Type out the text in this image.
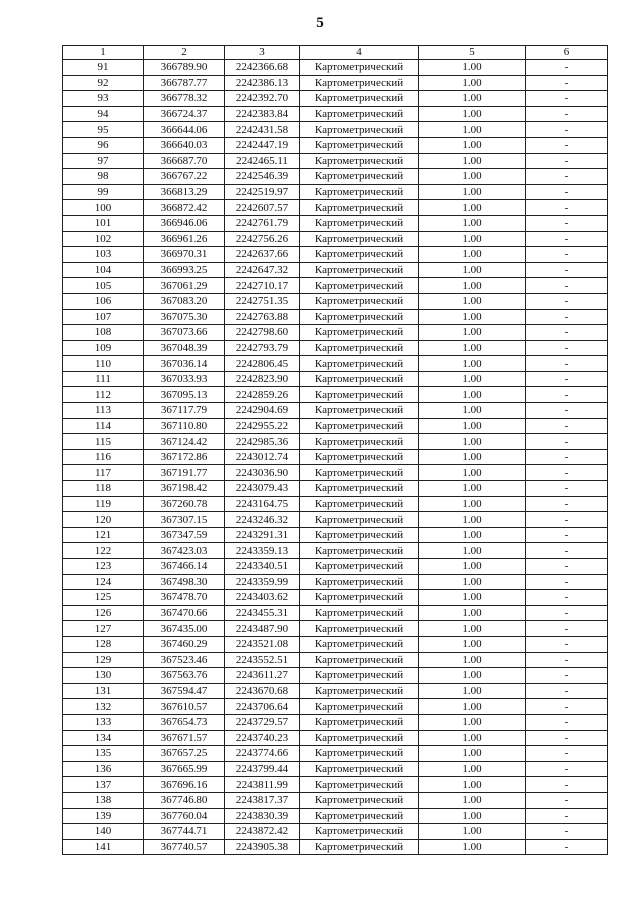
5
1	2	3	4	5	6
91	366789.90	2242366.68	Картометрический	1.00	-
92	366787.77	2242386.13	Картометрический	1.00	-
93	366778.32	2242392.70	Картометрический	1.00	-
94	366724.37	2242383.84	Картометрический	1.00	-
95	366644.06	2242431.58	Картометрический	1.00	-
96	366640.03	2242447.19	Картометрический	1.00	-
97	366687.70	2242465.11	Картометрический	1.00	-
98	366767.22	2242546.39	Картометрический	1.00	-
99	366813.29	2242519.97	Картометрический	1.00	-
100	366872.42	2242607.57	Картометрический	1.00	-
101	366946.06	2242761.79	Картометрический	1.00	-
102	366961.26	2242756.26	Картометрический	1.00	-
103	366970.31	2242637.66	Картометрический	1.00	-
104	366993.25	2242647.32	Картометрический	1.00	-
105	367061.29	2242710.17	Картометрический	1.00	-
106	367083.20	2242751.35	Картометрический	1.00	-
107	367075.30	2242763.88	Картометрический	1.00	-
108	367073.66	2242798.60	Картометрический	1.00	-
109	367048.39	2242793.79	Картометрический	1.00	-
110	367036.14	2242806.45	Картометрический	1.00	-
111	367033.93	2242823.90	Картометрический	1.00	-
112	367095.13	2242859.26	Картометрический	1.00	-
113	367117.79	2242904.69	Картометрический	1.00	-
114	367110.80	2242955.22	Картометрический	1.00	-
115	367124.42	2242985.36	Картометрический	1.00	-
116	367172.86	2243012.74	Картометрический	1.00	-
117	367191.77	2243036.90	Картометрический	1.00	-
118	367198.42	2243079.43	Картометрический	1.00	-
119	367260.78	2243164.75	Картометрический	1.00	-
120	367307.15	2243246.32	Картометрический	1.00	-
121	367347.59	2243291.31	Картометрический	1.00	-
122	367423.03	2243359.13	Картометрический	1.00	-
123	367466.14	2243340.51	Картометрический	1.00	-
124	367498.30	2243359.99	Картометрический	1.00	-
125	367478.70	2243403.62	Картометрический	1.00	-
126	367470.66	2243455.31	Картометрический	1.00	-
127	367435.00	2243487.90	Картометрический	1.00	-
128	367460.29	2243521.08	Картометрический	1.00	-
129	367523.46	2243552.51	Картометрический	1.00	-
130	367563.76	2243611.27	Картометрический	1.00	-
131	367594.47	2243670.68	Картометрический	1.00	-
132	367610.57	2243706.64	Картометрический	1.00	-
133	367654.73	2243729.57	Картометрический	1.00	-
134	367671.57	2243740.23	Картометрический	1.00	-
135	367657.25	2243774.66	Картометрический	1.00	-
136	367665.99	2243799.44	Картометрический	1.00	-
137	367696.16	2243811.99	Картометрический	1.00	-
138	367746.80	2243817.37	Картометрический	1.00	-
139	367760.04	2243830.39	Картометрический	1.00	-
140	367744.71	2243872.42	Картометрический	1.00	-
141	367740.57	2243905.38	Картометрический	1.00	-
